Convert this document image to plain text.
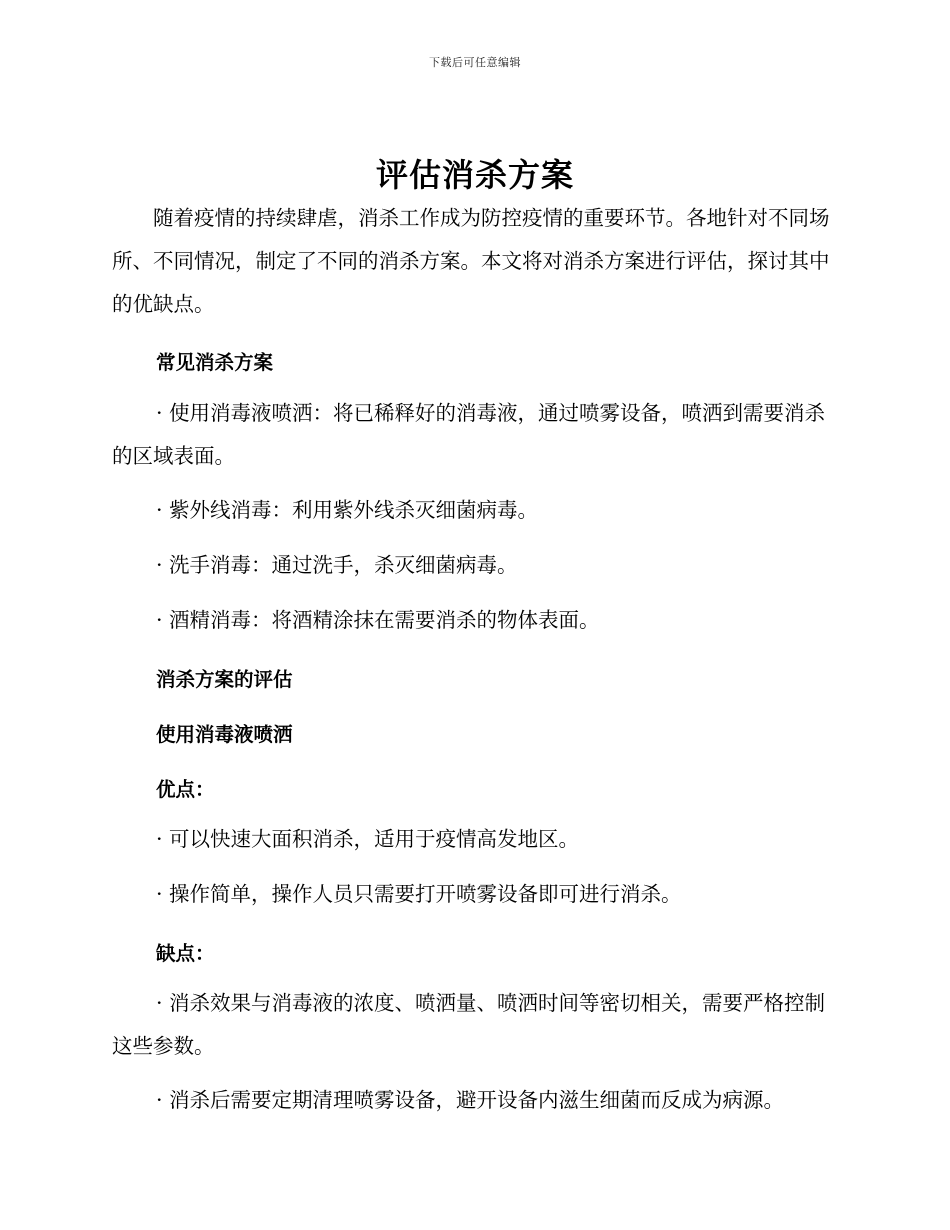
下载后可任意编辑
评估消杀方案

随着疫情的持续肆虐，消杀工作成为防控疫情的重要环节。各地针对不同场所、不同情况，制定了不同的消杀方案。本文将对消杀方案进行评估，探讨其中的优缺点。

常见消杀方案

· 使用消毒液喷洒：将已稀释好的消毒液，通过喷雾设备，喷洒到需要消杀的区域表面。

· 紫外线消毒：利用紫外线杀灭细菌病毒。

· 洗手消毒：通过洗手，杀灭细菌病毒。

· 酒精消毒：将酒精涂抹在需要消杀的物体表面。

消杀方案的评估

使用消毒液喷洒

优点：

· 可以快速大面积消杀，适用于疫情高发地区。

· 操作简单，操作人员只需要打开喷雾设备即可进行消杀。

缺点：

· 消杀效果与消毒液的浓度、喷洒量、喷洒时间等密切相关，需要严格控制这些参数。

· 消杀后需要定期清理喷雾设备，避开设备内滋生细菌而反成为病源。
